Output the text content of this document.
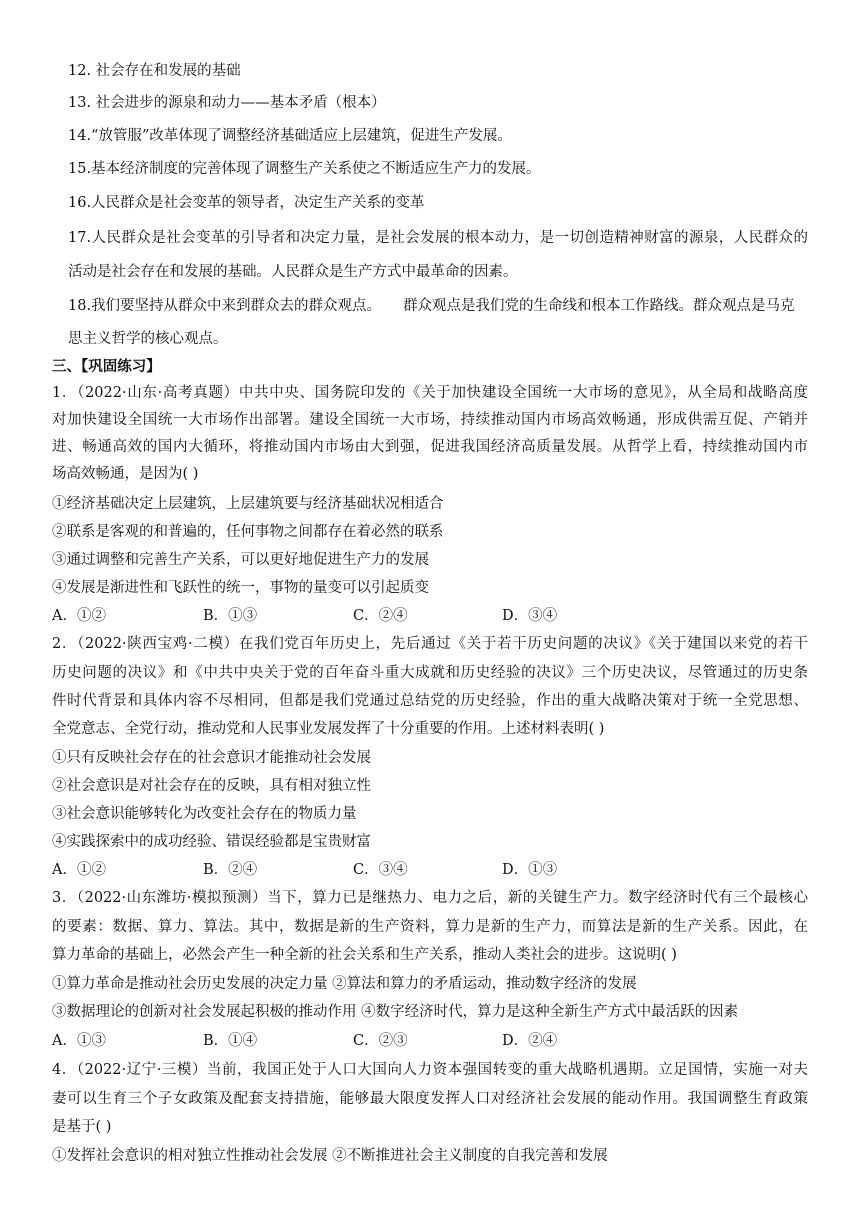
12. 社会存在和发展的基础
13. 社会进步的源泉和动力——基本矛盾（根本）
14.“放管服”改革体现了调整经济基础适应上层建筑，促进生产发展。
15.基本经济制度的完善体现了调整生产关系使之不断适应生产力的发展。
16.人民群众是社会变革的领导者，决定生产关系的变革
17.人民群众是社会变革的引导者和决定力量，是社会发展的根本动力，是一切创造精神财富的源泉，人民群众的
活动是社会存在和发展的基础。人民群众是生产方式中最革命的因素。
18.我们要坚持从群众中来到群众去的群众观点。 群众观点是我们党的生命线和根本工作路线。群众观点是马克
思主义哲学的核心观点。
三、【巩固练习】
1．（2022·山东·高考真题）中共中央、国务院印发的《关于加快建设全国统一大市场的意见》，从全局和战略高度
对加快建设全国统一大市场作出部署。建设全国统一大市场，持续推动国内市场高效畅通，形成供需互促、产销并
进、畅通高效的国内大循环，将推动国内市场由大到强，促进我国经济高质量发展。从哲学上看，持续推动国内市
场高效畅通，是因为( )
①经济基础决定上层建筑，上层建筑要与经济基础状况相适合
②联系是客观的和普遍的，任何事物之间都存在着必然的联系
③通过调整和完善生产关系，可以更好地促进生产力的发展
④发展是渐进性和飞跃性的统一，事物的量变可以引起质变
A．①②	B．①③	C．②④	D．③④
2．（2022·陕西宝鸡·二模）在我们党百年历史上，先后通过《关于若干历史问题的决议》《关于建国以来党的若干
历史问题的决议》和《中共中央关于党的百年奋斗重大成就和历史经验的决议》三个历史决议，尽管通过的历史条
件时代背景和具体内容不尽相同，但都是我们党通过总结党的历史经验，作出的重大战略决策对于统一全党思想、
全党意志、全党行动，推动党和人民事业发展发挥了十分重要的作用。上述材料表明( )
①只有反映社会存在的社会意识才能推动社会发展
②社会意识是对社会存在的反映，具有相对独立性
③社会意识能够转化为改变社会存在的物质力量
④实践探索中的成功经验、错误经验都是宝贵财富
A．①②	B．②④	C．③④	D．①③
3．（2022·山东潍坊·模拟预测）当下，算力已是继热力、电力之后，新的关键生产力。数字经济时代有三个最核心
的要素：数据、算力、算法。其中，数据是新的生产资料，算力是新的生产力，而算法是新的生产关系。因此，在
算力革命的基础上，必然会产生一种全新的社会关系和生产关系，推动人类社会的进步。这说明( )
①算力革命是推动社会历史发展的决定力量 ②算法和算力的矛盾运动，推动数字经济的发展
③数据理论的创新对社会发展起积极的推动作用 ④数字经济时代，算力是这种全新生产方式中最活跃的因素
A．①③	B．①④	C．②③	D．②④
4．（2022·辽宁·三模）当前，我国正处于人口大国向人力资本强国转变的重大战略机遇期。立足国情，实施一对夫
妻可以生育三个子女政策及配套支持措施，能够最大限度发挥人口对经济社会发展的能动作用。我国调整生育政策
是基于( )
①发挥社会意识的相对独立性推动社会发展 ②不断推进社会主义制度的自我完善和发展
